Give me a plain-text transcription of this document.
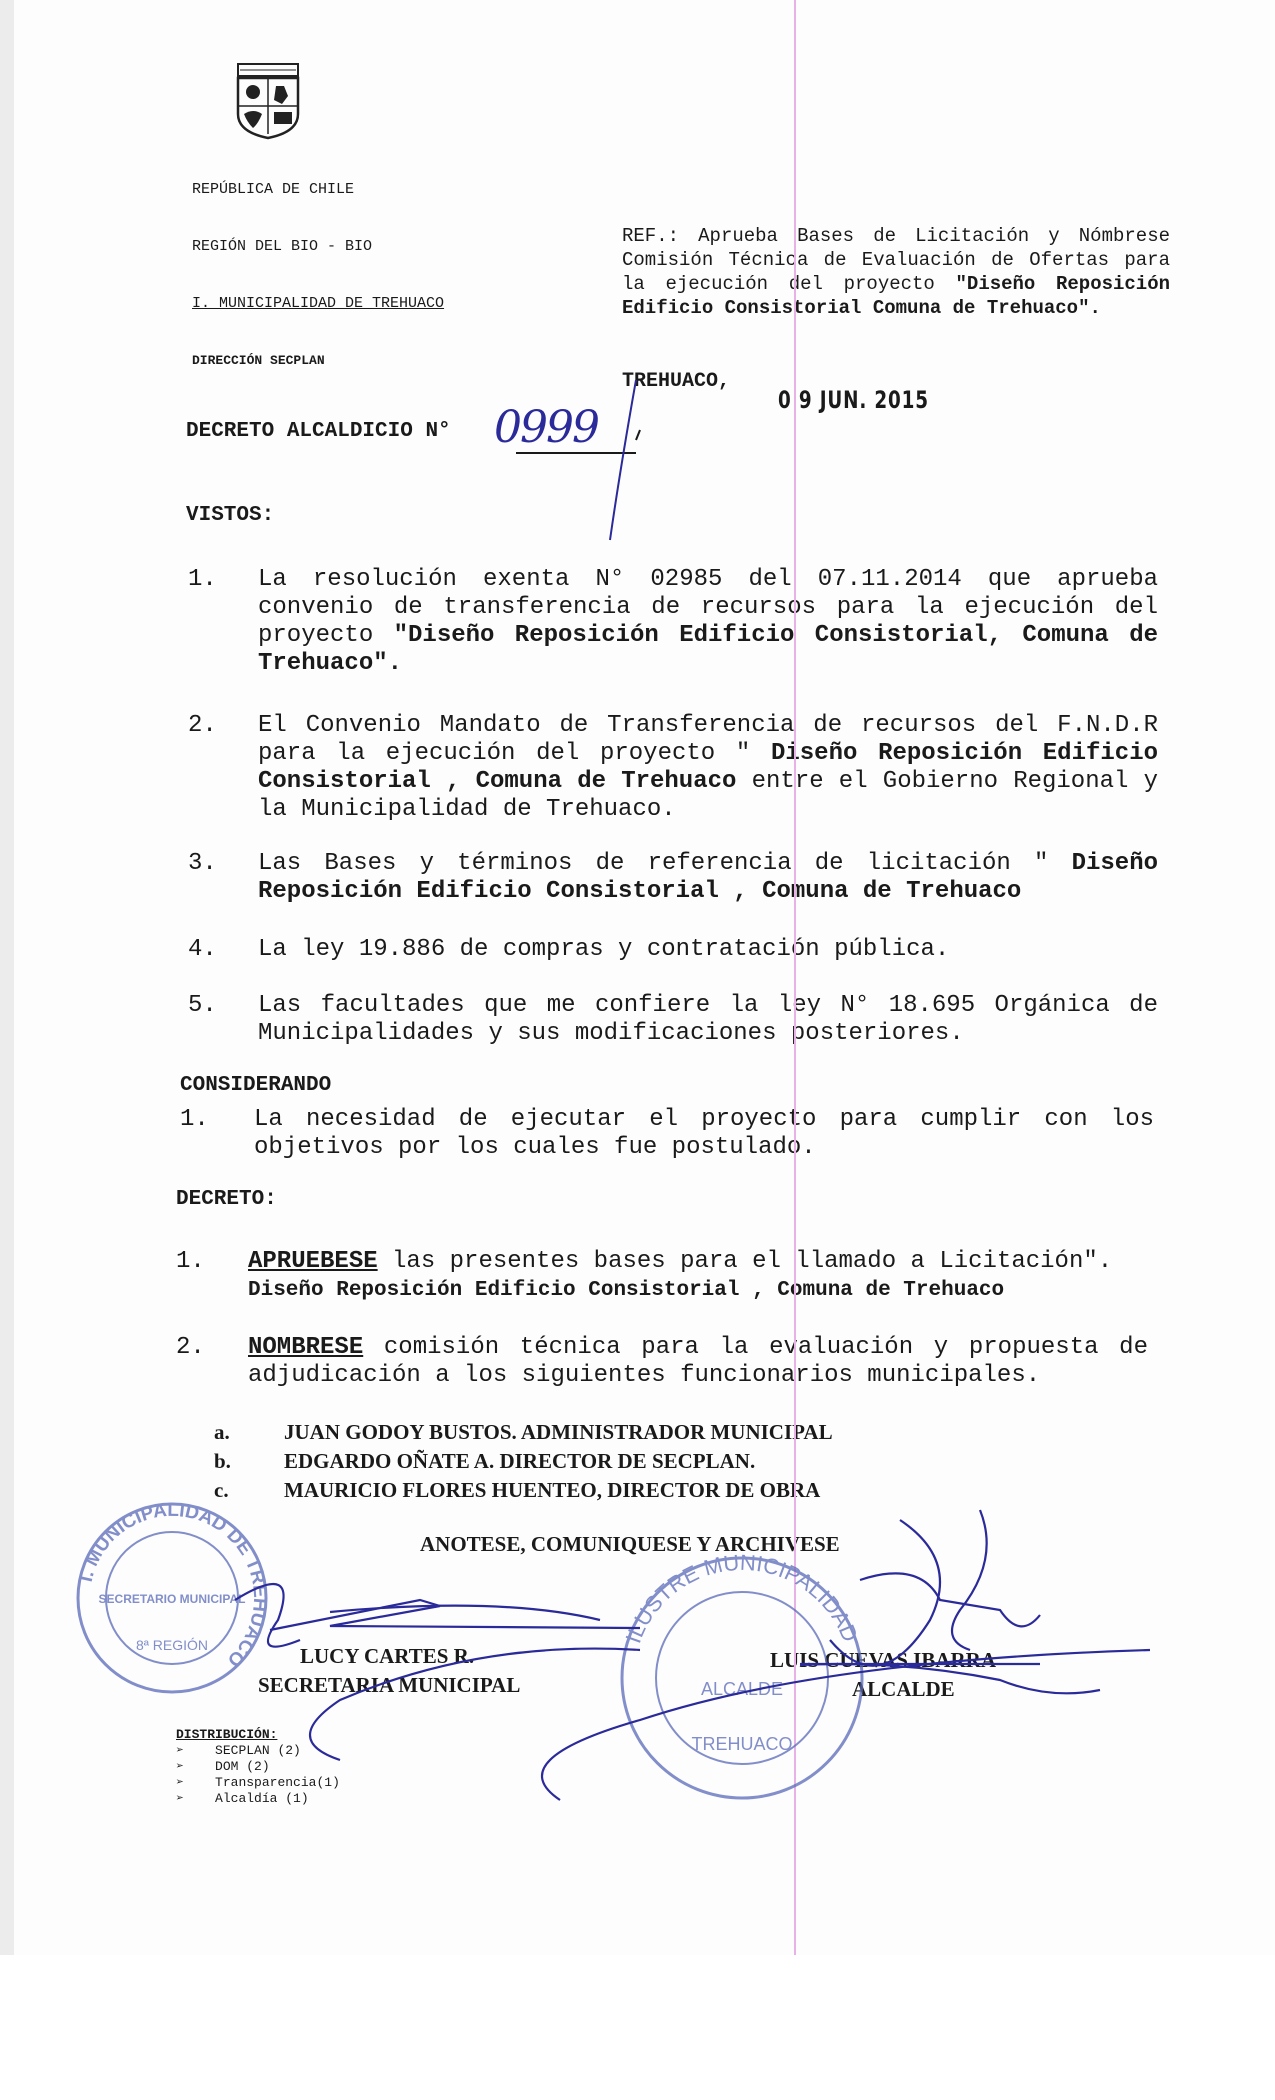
REPÚBLICA DE CHILE

REGIÓN DEL BIO - BIO

I. MUNICIPALIDAD DE TREHUACO

DIRECCIÓN SECPLAN

REF.: Aprueba Bases de Licitación y Nómbrese Comisión Técnica de Evaluación de Ofertas para la ejecución del proyecto "Diseño Reposición Edificio Consistorial Comuna de Trehuaco".
TREHUACO,
0 9 JUN. 2015
DECRETO ALCALDICIO N° 0999
VISTOS:
1. La resolución exenta N° 02985 del 07.11.2014 que aprueba convenio de transferencia de recursos para la ejecución del proyecto "Diseño Reposición Edificio Consistorial, Comuna de Trehuaco".
2. El Convenio Mandato de Transferencia de recursos del F.N.D.R para la ejecución del proyecto " Diseño Reposición Edificio Consistorial , Comuna de Trehuaco entre el Gobierno Regional y la Municipalidad de Trehuaco.
3. Las Bases y términos de referencia de licitación " Diseño Reposición Edificio Consistorial , Comuna de Trehuaco
4. La ley 19.886 de compras y contratación pública.
5. Las facultades que me confiere la ley N° 18.695 Orgánica de Municipalidades y sus modificaciones posteriores.
CONSIDERANDO
1. La necesidad de ejecutar el proyecto para cumplir con los objetivos por los cuales fue postulado.
DECRETO:
1. APRUEBESE las presentes bases para el llamado a Licitación".
Diseño Reposición Edificio Consistorial , Comuna de Trehuaco
2. NOMBRESE comisión técnica para la evaluación y propuesta de adjudicación a los siguientes funcionarios municipales.
a.	JUAN GODOY BUSTOS. ADMINISTRADOR MUNICIPAL
b.	EDGARDO OÑATE A. DIRECTOR DE SECPLAN.
c.	MAURICIO FLORES HUENTEO, DIRECTOR DE OBRA
ANOTESE, COMUNIQUESE Y ARCHIVESE
LUCY CARTES R.
SECRETARIA MUNICIPAL
LUIS CUEVAS IBARRA
ALCALDE
DISTRIBUCIÓN:
➢    SECPLAN (2)
➢    DOM (2)
➢    Transparencia(1)
➢    Alcaldía (1)
I. MUNICIPALIDAD DE TREHUACO
SECRETARIO MUNICIPAL
8ª REGIÓN	ILUSTRE MUNICIPALIDAD
ALCALDE
TREHUACO
